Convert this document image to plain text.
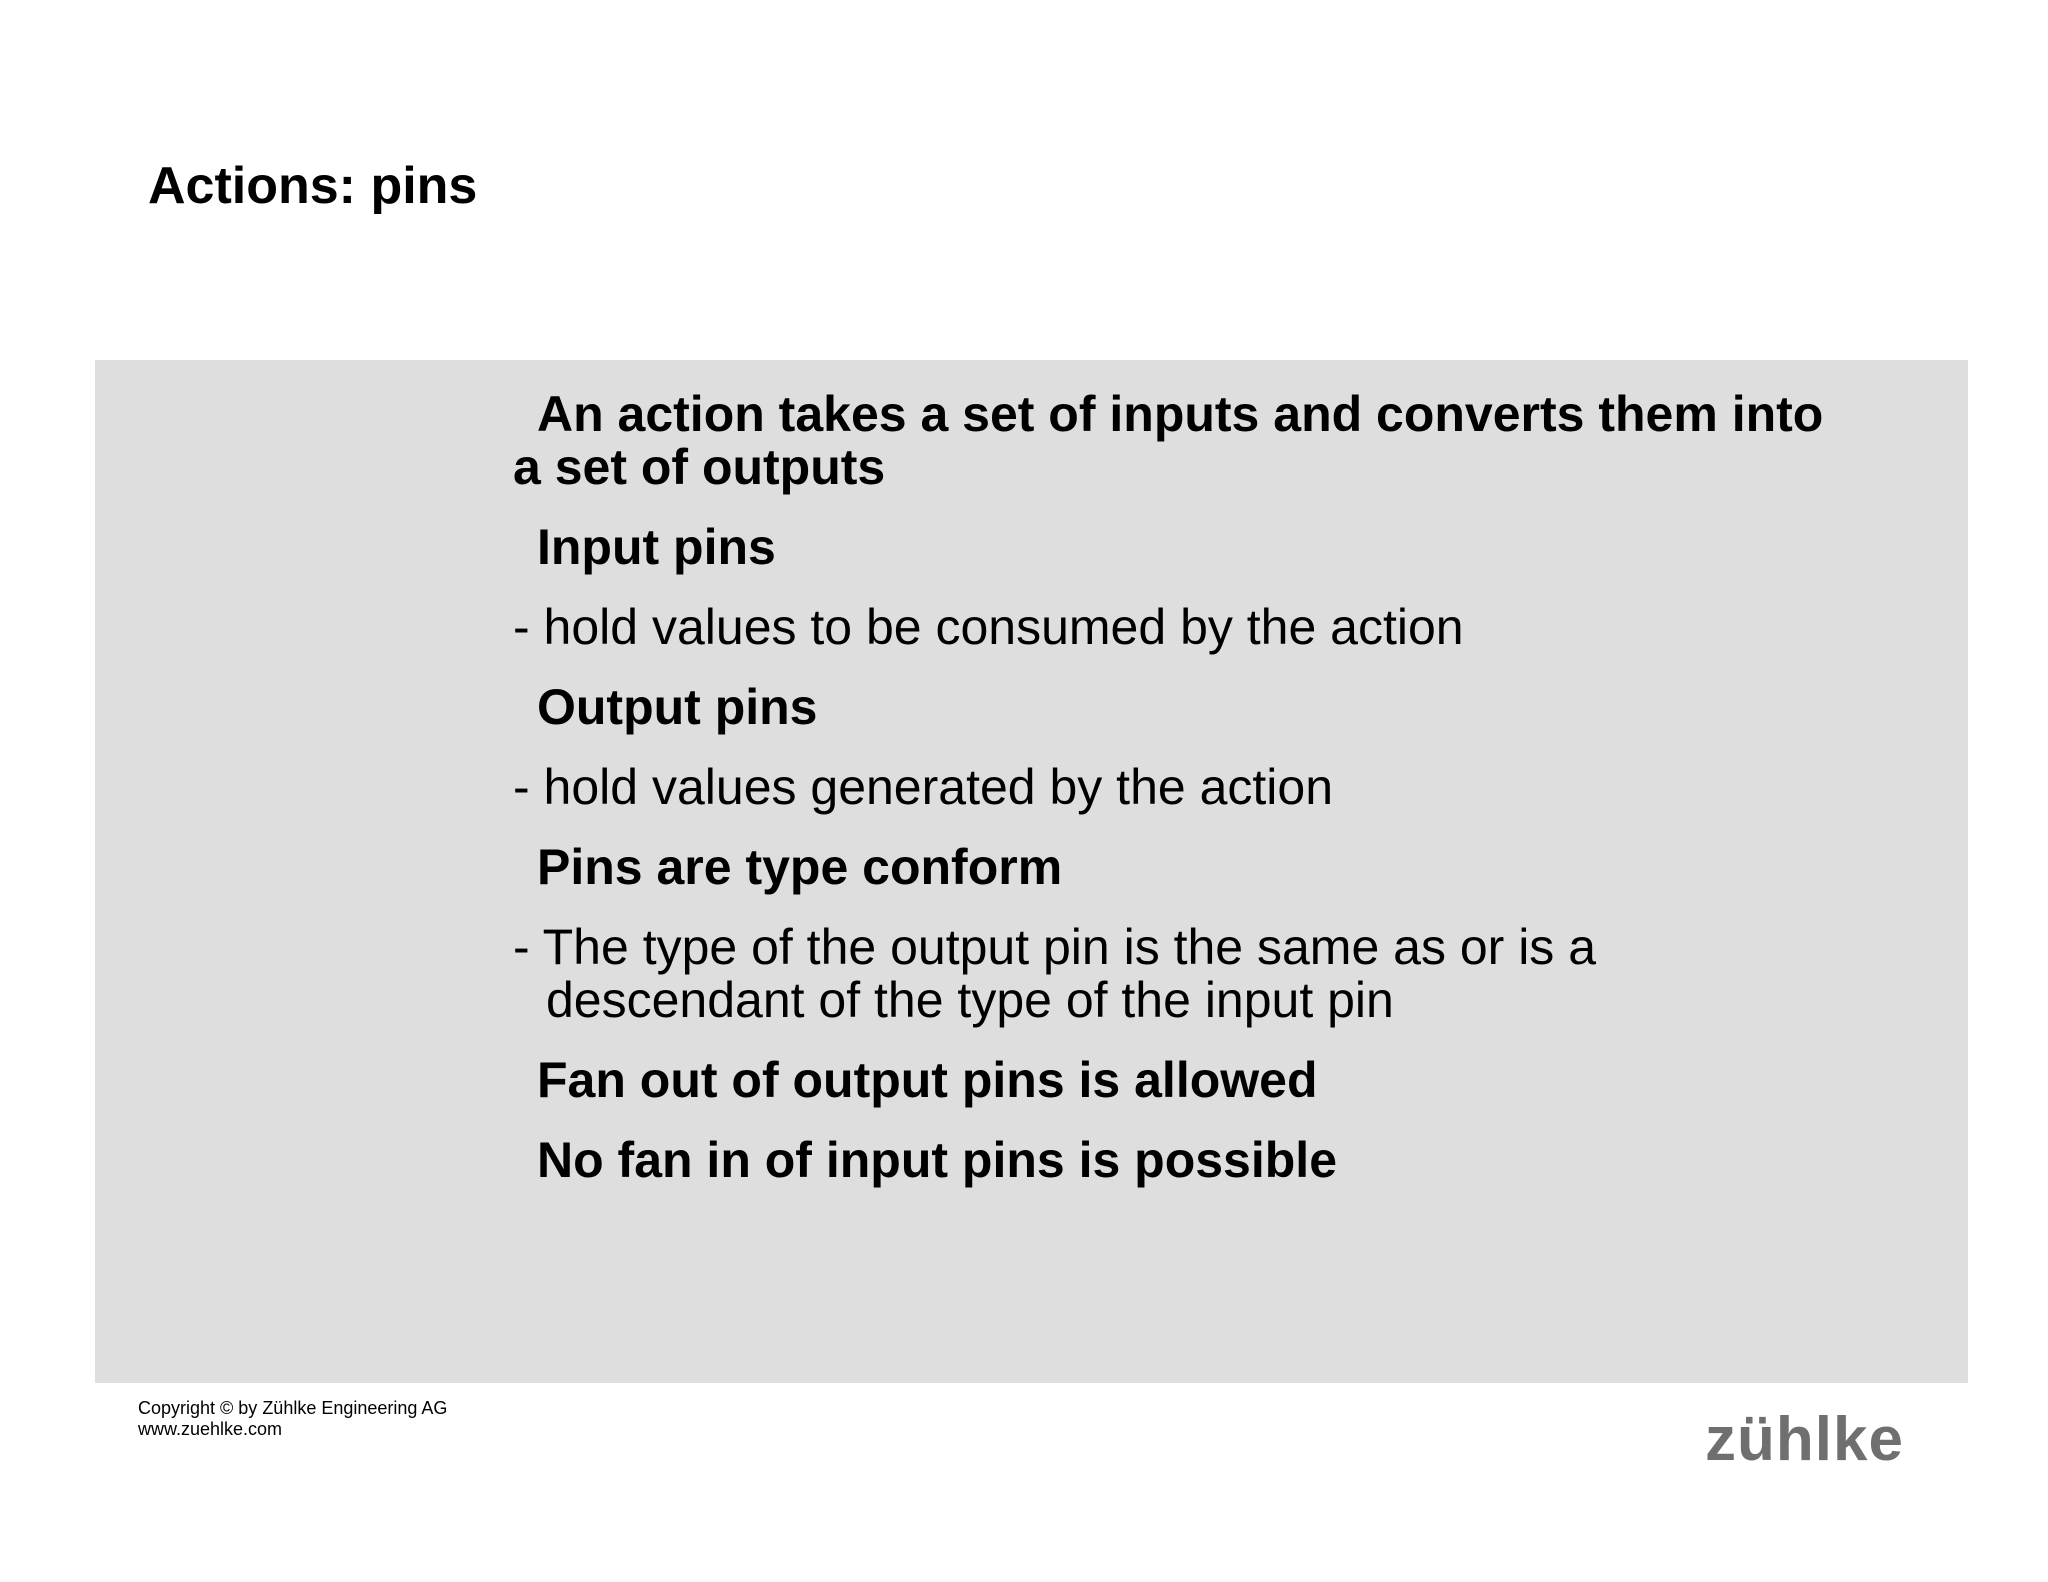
Actions: pins
An action takes a set of inputs and converts them into
a set of outputs
Input pins
- hold values to be consumed by the action
Output pins
- hold values generated by the action
Pins are type conform
- The type of the output pin is the same as or is a
descendant of the type of the input pin
Fan out of output pins is allowed
No fan in of input pins is possible
Copyright © by Zühlke Engineering AG
www.zuehlke.com	zühlke
